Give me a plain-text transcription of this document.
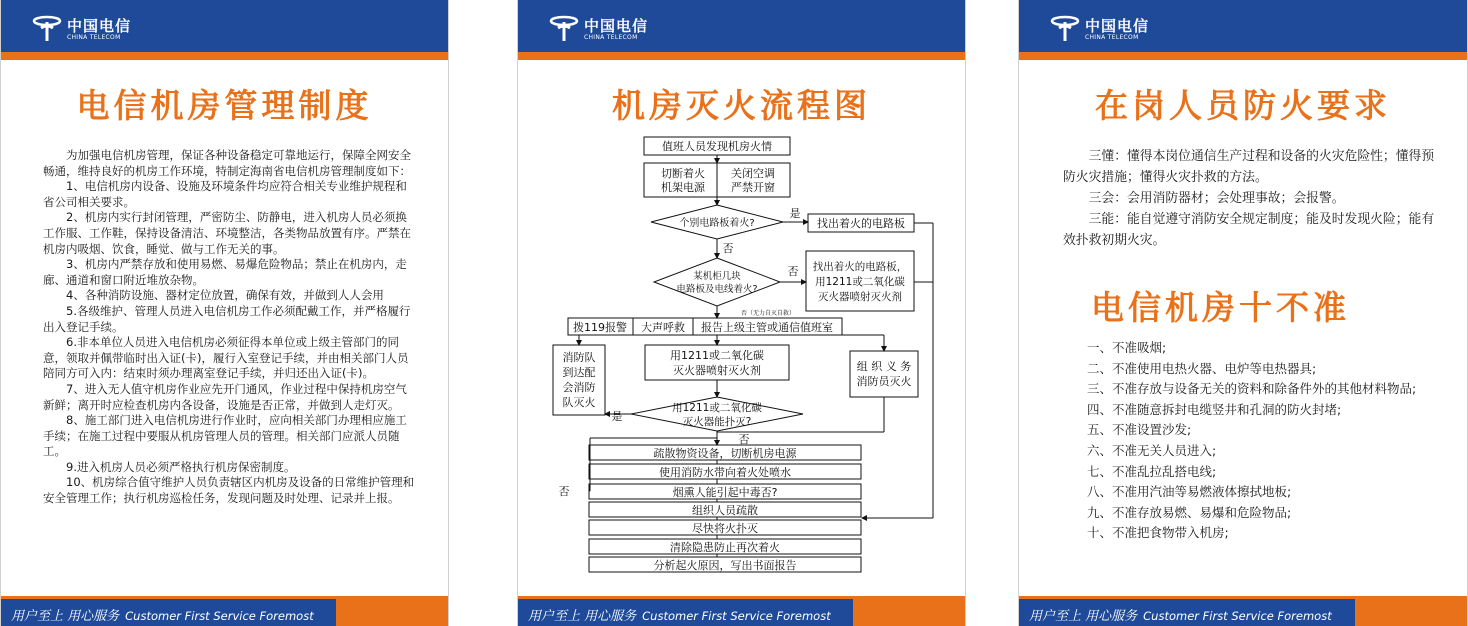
中国电信
CHINA TELECOM
电信机房管理制度

为加强电信机房管理，保证各种设备稳定可靠地运行，保障全网安全畅通，维持良好的机房工作环境，特制定海南省电信机房管理制度如下：

1、电信机房内设备、设施及环境条件均应符合相关专业维护规程和省公司相关要求。

2、机房内实行封闭管理，严密防尘、防静电，进入机房人员必须换工作服、工作鞋，保持设备清洁、环境整洁，各类物品放置有序。严禁在机房内吸烟、饮食，睡觉、做与工作无关的事。

3、机房内严禁存放和使用易燃、易爆危险物品；禁止在机房内，走廊、通道和窗口附近堆放杂物。

4、各种消防设施、器材定位放置，确保有效，并做到人人会用

5.各级维护、管理人员进入电信机房工作必须配戴工作，并严格履行出入登记手续。

6.非本单位人员进入电信机房必须征得本单位或上级主管部门的同意，领取并佩带临时出入证(卡)，履行入室登记手续，并由相关部门人员陪同方可入内：结束时须办理离室登记手续，并归还出入证(卡)。

7、进入无人值守机房作业应先开门通风，作业过程中保持机房空气新鲜；离开时应检查机房内各设备，设施是否正常，并做到人走灯灭。

8、施工部门进入电信机房进行作业时，应向相关部门办理相应施工手续；在施工过程中要服从机房管理人员的管理。相关部门应派人员随工。

9.进入机房人员必须严格执行机房保密制度。

10、机房综合值守维护人员负责辖区内机房及设备的日常维护管理和安全管理工作；执行机房巡检任务，发现问题及时处理、记录并上报。

用户至上 用心服务 Customer First Service Foremost
中国电信
CHINA TELECOM
机房灭火流程图
值班人员发现机房火情
切断着火
机架电源
关闭空调
严禁开窗
个别电路板着火?
是
找出着火的电路板
否
某机柜几块
电路板及电线着火?
否 找出着火的电路板，
用1211或二氧化碳
灭火器喷射灭火剂
否（无力自灭自救）
拨119报警 大声呼救 报告上级主管或通信值班室
消防队
到达配
会消防
队灭火
用1211或二氧化碳
灭火器喷射灭火剂	组 织 义 务
消防员灭火
用1211或二氧化碳
灭火器能扑灭?
是
否
否
疏散物资设备，切断机房电源
使用消防水带向着火处喷水
烟熏人能引起中毒否?
组织人员疏散
尽快将火扑灭
清除隐患防止再次着火
分析起火原因，写出书面报告
用户至上 用心服务 Customer First Service Foremost
中国电信
CHINA TELECOM
在岗人员防火要求

三懂：懂得本岗位通信生产过程和设备的火灾危险性；懂得预防火灾措施；懂得火灾扑救的方法。

三会：会用消防器材；会处理事故；会报警。

三能：能自觉遵守消防安全规定制度；能及时发现火险；能有效扑救初期火灾。

电信机房十不准

一、不准吸烟;

二、不准使用电热火器、电炉等电热器具;

三、不准存放与设备无关的资料和除备件外的其他材料物品;

四、不准随意拆封电缆竖井和孔洞的防火封堵;

五、不准设置沙发;

六、不准无关人员进入;

七、不准乱拉乱搭电线;

八、不准用汽油等易燃液体擦拭地板;

九、不准存放易燃、易爆和危险物品;

十、不准把食物带入机房;

用户至上 用心服务 Customer First Service Foremost
